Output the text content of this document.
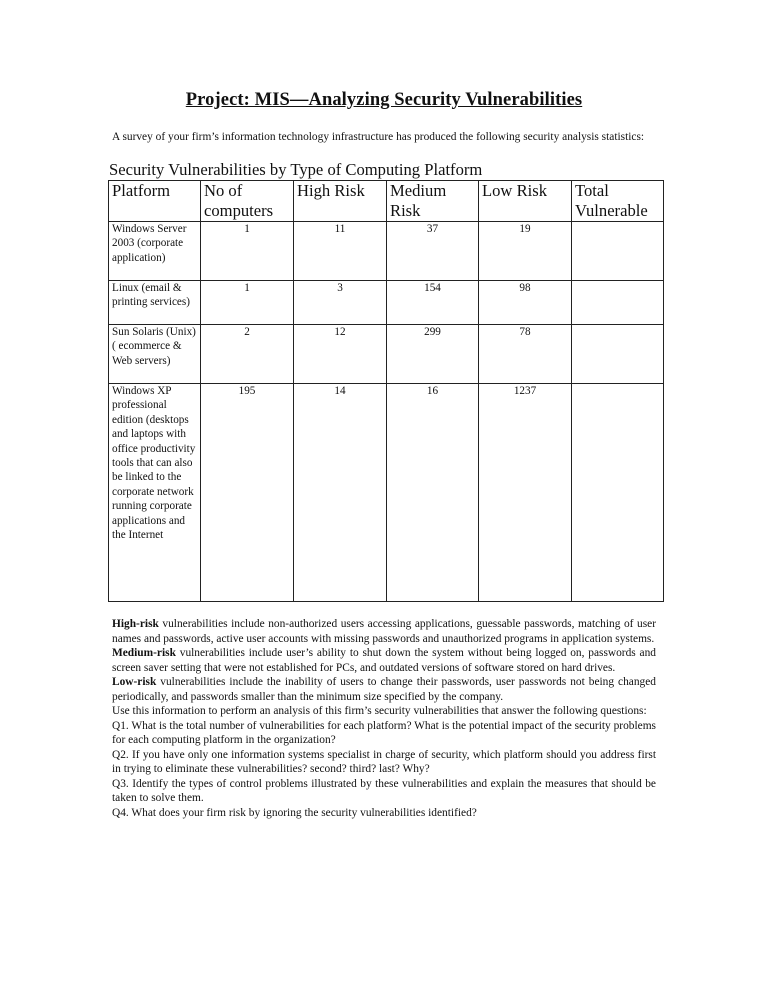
Project: MIS—Analyzing Security Vulnerabilities

A survey of your firm’s information technology infrastructure has produced the following security analysis statistics:

Security Vulnerabilities by Type of Computing Platform

Platform	No of computers	High Risk	Medium Risk	Low Risk	Total Vulnerable
Windows Server 2003 (corporate application)	1	11	37	19	
Linux (email & printing services)	1	3	154	98	
Sun Solaris (Unix) ( ecommerce & Web servers)	2	12	299	78	
Windows XP professional edition (desktops and laptops with office productivity tools that can also be linked to the corporate network running corporate applications and the Internet	195	14	16	1237	

High-risk vulnerabilities include non-authorized users accessing applications, guessable passwords, matching of user names and passwords, active user accounts with missing passwords and unauthorized programs in application systems.

Medium-risk vulnerabilities include user’s ability to shut down the system without being logged on, passwords and screen saver setting that were not established for PCs, and outdated versions of software stored on hard drives.

Low-risk vulnerabilities include the inability of users to change their passwords, user passwords not being changed periodically, and passwords smaller than the minimum size specified by the company.

Use this information to perform an analysis of this firm’s security vulnerabilities that answer the following questions:

Q1. What is the total number of vulnerabilities for each platform? What is the potential impact of the security problems for each computing platform in the organization?

Q2. If you have only one information systems specialist in charge of security, which platform should you address first in trying to eliminate these vulnerabilities? second? third? last? Why?

Q3. Identify the types of control problems illustrated by these vulnerabilities and explain the measures that should be taken to solve them.

Q4. What does your firm risk by ignoring the security vulnerabilities identified?
